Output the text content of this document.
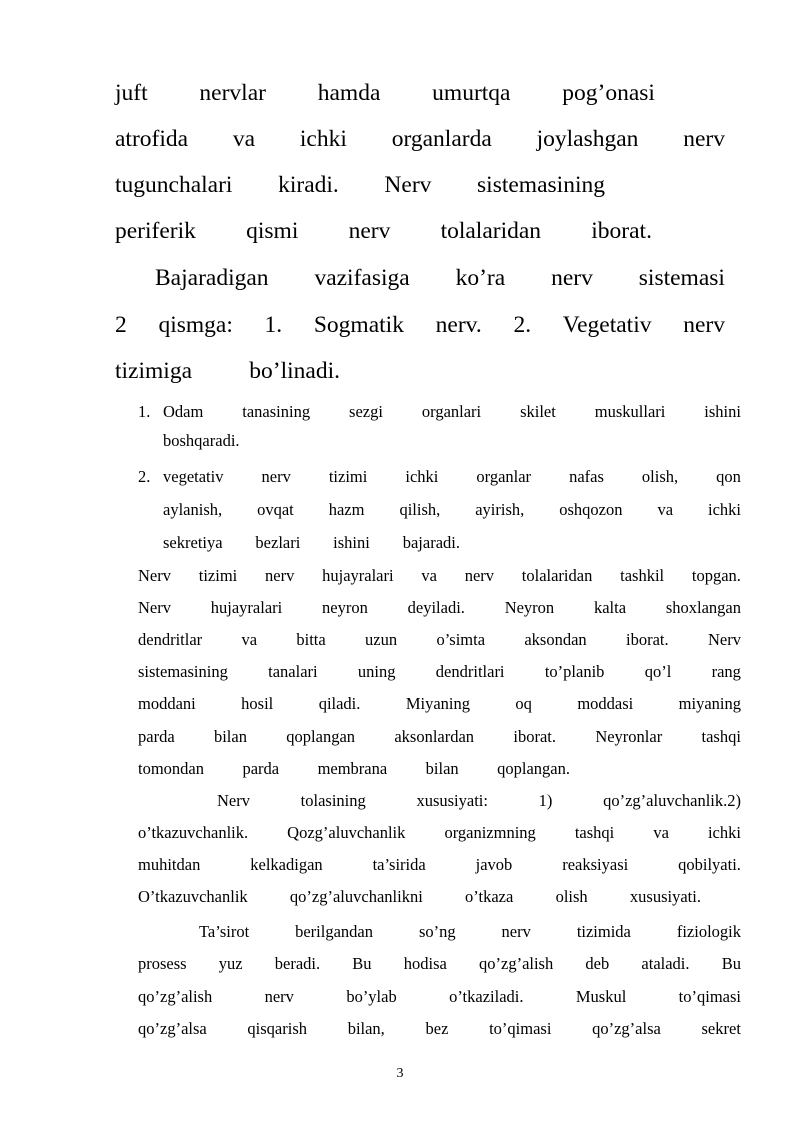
juft nervlar hamda umurtqa pog’onasi
atrofida va ichki organlarda joylashgan nerv
tugunchalari kiradi. Nerv sistemasining
periferik qismi nerv tolalaridan iborat.
Bajaradigan vazifasiga ko’ra nerv sistemasi
2 qismga: 1. Sogmatik nerv. 2. Vegetativ nerv
tizimiga bo’linadi.
1. Odam tanasining sezgi organlari skilet muskullari ishini
boshqaradi.
2. vegetativ nerv tizimi ichki organlar nafas olish, qon
aylanish, ovqat hazm qilish, ayirish, oshqozon va ichki
sekretiya bezlari ishini bajaradi.
Nerv tizimi nerv hujayralari va nerv tolalaridan tashkil topgan.
Nerv hujayralari neyron deyiladi. Neyron kalta shoxlangan
dendritlar va bitta uzun o’simta aksondan iborat. Nerv
sistemasining tanalari uning dendritlari to’planib qo’l rang
moddani	hosil	qiladi.	Miyaning	oq	moddasi	miyaning
parda bilan qoplangan aksonlardan iborat. Neyronlar tashqi
tomondan parda membrana bilan qoplangan.
Nerv	tolasining	xususiyati:	1)	qo’zg’aluvchanlik.2)
o’tkazuvchanlik. Qozg’aluvchanlik organizmning tashqi va ichki
muhitdan	kelkadigan	ta’sirida	javob	reaksiyasi	qobilyati.
O’tkazuvchanlik	qo’zg’aluvchanlikni	o’tkaza	olish	xususiyati.
Ta’sirot	berilgandan	so’ng	nerv	tizimida	fiziologik
prosess yuz beradi. Bu hodisa qo’zg’alish deb ataladi. Bu
qo’zg’alish	nerv	bo’ylab	o’tkaziladi.	Muskul	to’qimasi
qo’zg’alsa qisqarish bilan, bez to’qimasi qo’zg’alsa sekret
3
